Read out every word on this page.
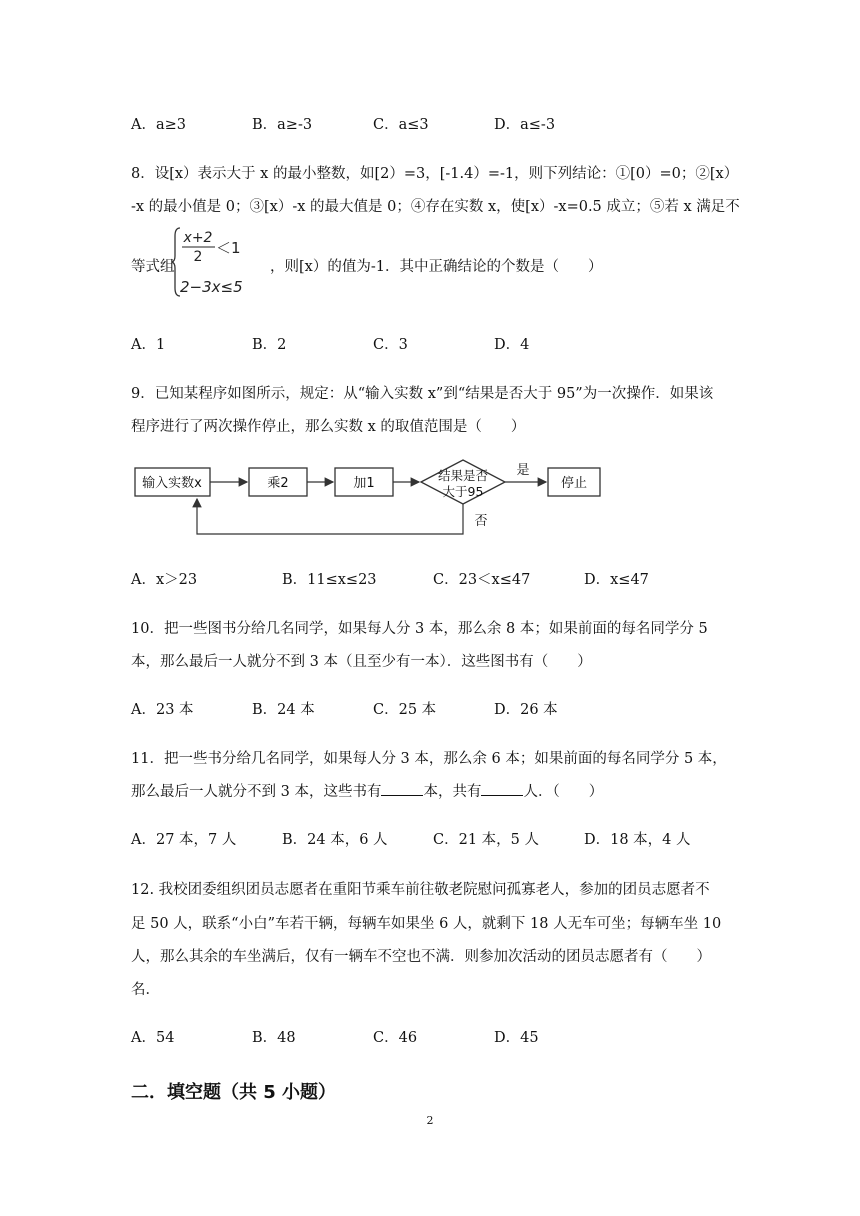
A．a≥3	B．a≥-3	C．a≤3	D．a≤-3
8．设[x）表示大于 x 的最小整数，如[2）=3，[-1.4）=-1，则下列结论：①[0）=0；②[x）
-x 的最小值是 0；③[x）-x 的最大值是 0；④存在实数 x，使[x）-x=0.5 成立；⑤若 x 满足不
等式组
x+2
2 ＜1
2−3x≤5
，则[x）的值为-1．其中正确结论的个数是（　　）
A．1	B．2	C．3	D．4
9．已知某程序如图所示，规定：从“输入实数 x”到“结果是否大于 95”为一次操作．如果该
程序进行了两次操作停止，那么实数 x 的取值范围是（　　）
输入实数x	乘2	加1
结果是否
大于95
停止
是
否
A．x＞23	B．11≤x≤23	C．23＜x≤47	D．x≤47
10．把一些图书分给几名同学，如果每人分 3 本，那么余 8 本；如果前面的每名同学分 5
本，那么最后一人就分不到 3 本（且至少有一本）．这些图书有（　　）
A．23 本	B．24 本	C．25 本	D．26 本
11．把一些书分给几名同学，如果每人分 3 本，那么余 6 本；如果前面的每名同学分 5 本，
那么最后一人就分不到 3 本，这些书有	本，共有	人．（　　）
A．27 本，7 人	B．24 本，6 人	C．21 本，5 人	D．18 本，4 人
12. 我校团委组织团员志愿者在重阳节乘车前往敬老院慰问孤寡老人，参加的团员志愿者不
足 50 人，联系“小白”车若干辆，每辆车如果坐 6 人，就剩下 18 人无车可坐；每辆车坐 10
人，那么其余的车坐满后，仅有一辆车不空也不满．则参加次活动的团员志愿者有（　　）
名．
A．54	B．48	C．46	D．45
二．填空题（共 5 小题）
2
